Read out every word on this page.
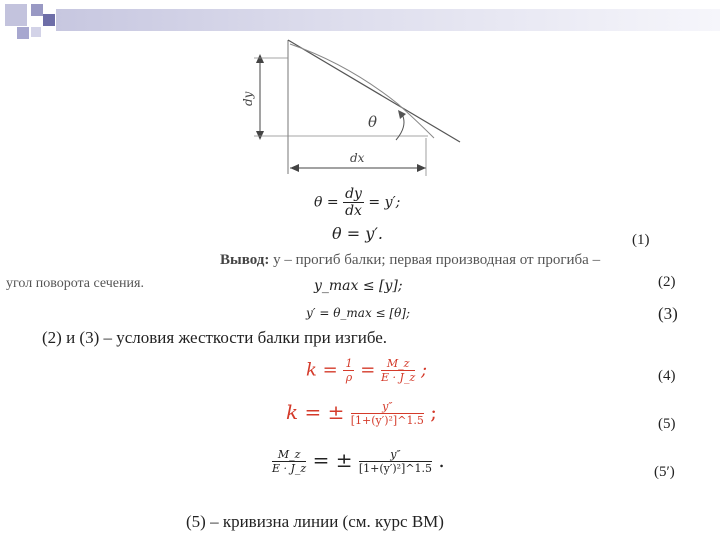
dy
dx
θ
$\theta = \frac{dy}{dx} = y'$;
θ = y′.	(1)
Вывод: y – прогиб балки; первая производная от прогиба –
угол поворота сечения.	y_max ≤ [y];	(2)
y′ = θ_max ≤ [θ];	(3)
(2) и (3) – условия жесткости балки при изгибе.
$k = \frac{1}{\rho} = \frac{M\_z}{E \cdot J\_z}$ ;	(4)
k = ± $\frac{y''}{\text{[1+(y′)²]\textasciicircum{}1.5}}$ ;	(5)
$\frac{M\_z}{E \cdot J\_z}$ = ± $\frac{y''}{\text{[1+(y′)²]\textasciicircum{}1.5}}$ .	(5′)
(5) – кривизна линии (см. курс ВМ)
